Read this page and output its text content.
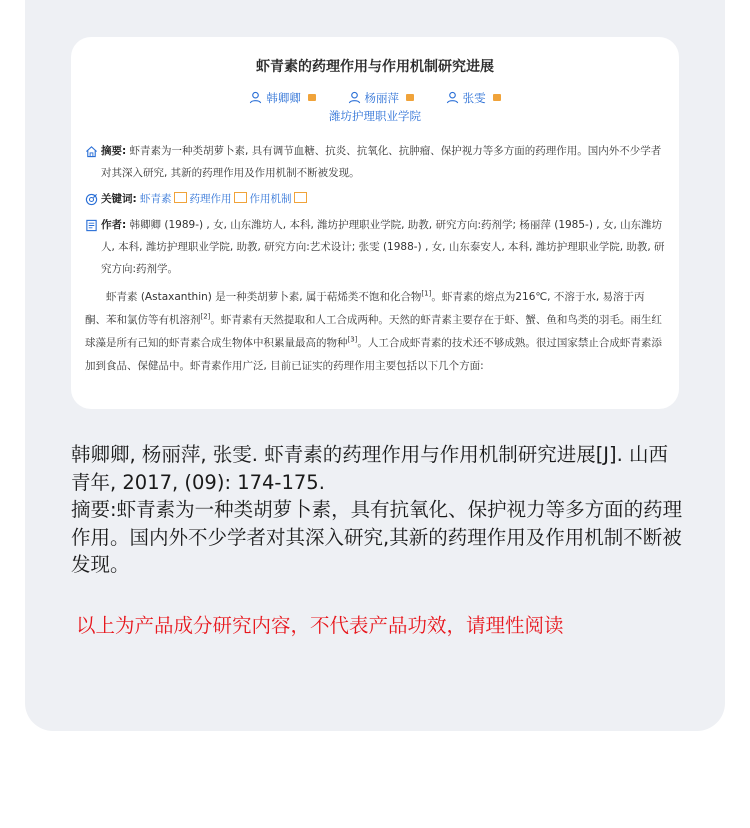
虾青素的药理作用与作用机制研究进展
韩卿卿	杨丽萍	张雯
潍坊护理职业学院
摘要: 虾青素为一种类胡萝卜素, 具有调节血糖、抗炎、抗氧化、抗肿瘤、保护视力等多方面的药理作用。国内外不少学者对其深入研究, 其新的药理作用及作用机制不断被发现。
关键词: 虾青素 药理作用 作用机制
作者: 韩卿卿 (1989-) , 女, 山东潍坊人, 本科, 潍坊护理职业学院, 助教, 研究方向:药剂学; 杨丽萍 (1985-) , 女, 山东潍坊人, 本科, 潍坊护理职业学院, 助教, 研究方向:艺术设计; 张雯 (1988-) , 女, 山东泰安人, 本科, 潍坊护理职业学院, 助教, 研究方向:药剂学。
虾青素 (Astaxanthin) 是一种类胡萝卜素, 属于萜烯类不饱和化合物[1]。虾青素的熔点为216℃, 不溶于水, 易溶于丙酮、苯和氯仿等有机溶剂[2]。虾青素有天然提取和人工合成两种。天然的虾青素主要存在于虾、蟹、鱼和鸟类的羽毛。雨生红球藻是所有己知的虾青素合成生物体中积累量最高的物种[3]。人工合成虾青素的技术还不够成熟。很过国家禁止合成虾青素添加到食品、保健品中。虾青素作用广泛, 目前已证实的药理作用主要包括以下几个方面:
韩卿卿, 杨丽萍, 张雯. 虾青素的药理作用与作用机制研究进展[J]. 山西青年, 2017, (09): 174-175.
摘要:虾青素为一种类胡萝卜素，具有抗氧化、保护视力等多方面的药理作用。国内外不少学者对其深入研究,其新的药理作用及作用机制不断被发现。
以上为产品成分研究内容，不代表产品功效，请理性阅读
